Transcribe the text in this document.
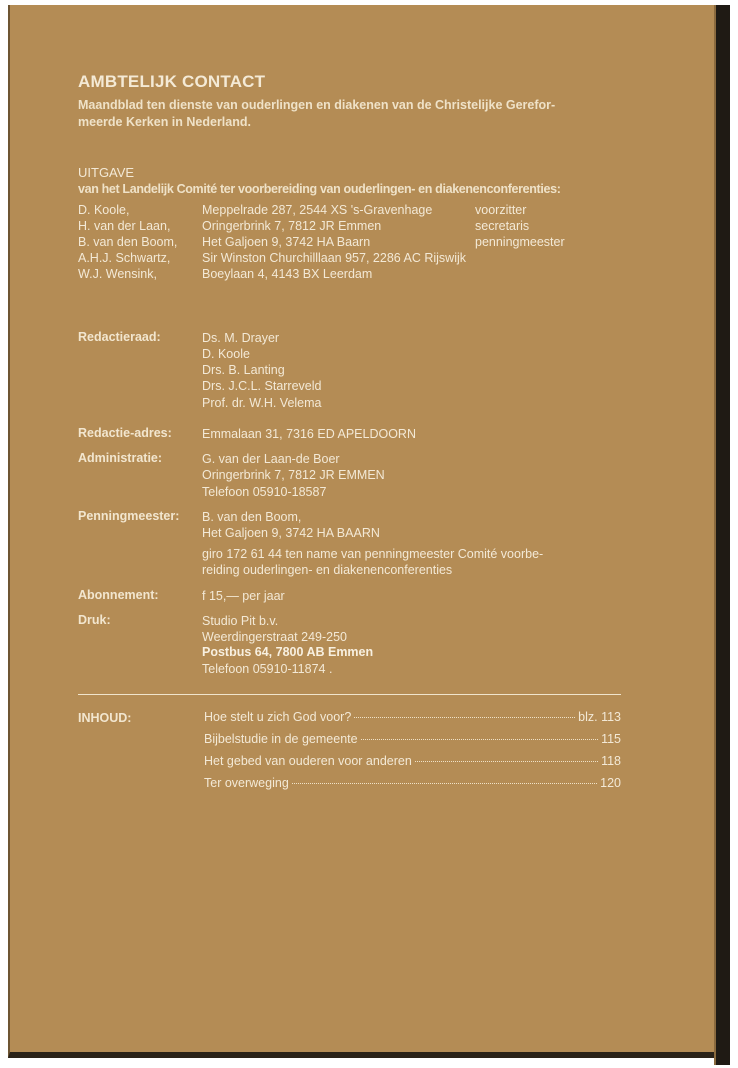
AMBTELIJK CONTACT
Maandblad ten dienste van ouderlingen en diakenen van de Christelijke Gerefor-
meerde Kerken in Nederland.
UITGAVE
van het Landelijk Comité ter voorbereiding van ouderlingen- en diakenenconferenties:
D. Koole,	Meppelrade 287, 2544 XS 's-Gravenhage	voorzitter
H. van der Laan,	Oringerbrink 7, 7812 JR Emmen	secretaris
B. van den Boom, Het Galjoen 9, 3742 HA Baarn	penningmeester
A.H.J. Schwartz,	Sir Winston Churchilllaan 957, 2286 AC Rijswijk
W.J. Wensink,	Boeylaan 4, 4143 BX Leerdam
Redactieraad:	Ds. M. Drayer
D. Koole
Drs. B. Lanting
Drs. J.C.L. Starreveld
Prof. dr. W.H. Velema
Redactie-adres: Emmalaan 31, 7316 ED APELDOORN
Administratie:	G. van der Laan-de Boer
Oringerbrink 7, 7812 JR EMMEN
Telefoon 05910-18587
Penningmeester: B. van den Boom,
Het Galjoen 9, 3742 HA BAARN
giro 172 61 44 ten name van penningmeester Comité voorbe-
reiding ouderlingen- en diakenenconferenties
Abonnement:	f 15,— per jaar
Druk:	Studio Pit b.v.
Weerdingerstraat 249-250
Postbus 64, 7800 AB Emmen
Telefoon 05910-11874 .
INHOUD:	Hoe stelt u zich God voor?	blz. 113
Bijbelstudie in de gemeente	115
Het gebed van ouderen voor anderen	118
Ter overweging	120
